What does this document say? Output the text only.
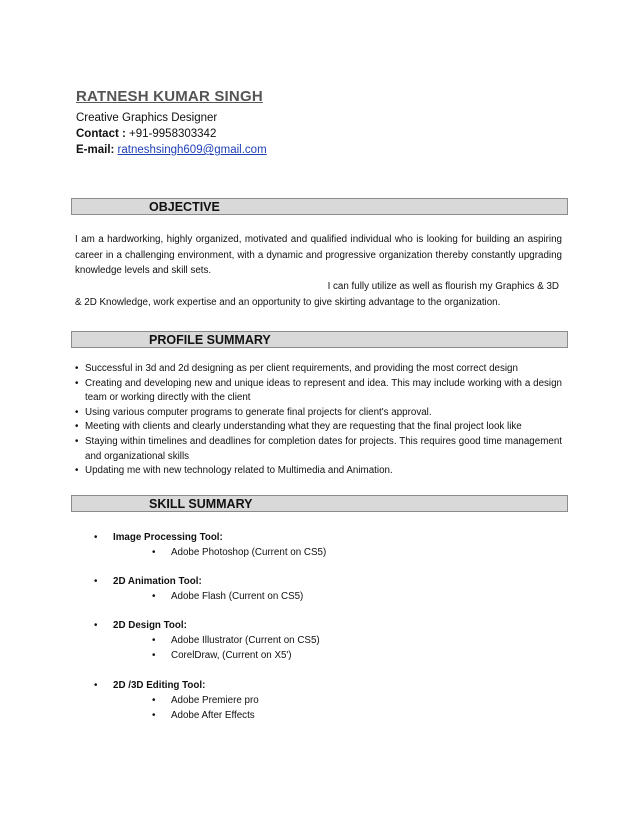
RATNESH KUMAR SINGH
Creative Graphics Designer
Contact : +91-9958303342
E-mail: ratneshsingh609@gmail.com
OBJECTIVE
I am a hardworking, highly organized, motivated and qualified individual who is looking for building an aspiring career in a challenging environment, with a dynamic and progressive organization thereby constantly upgrading knowledge levels and skill sets.
I can fully utilize as well as flourish my Graphics & 3D
& 2D Knowledge, work expertise and an opportunity to give skirting advantage to the organization.
PROFILE SUMMARY
• Successful in 3d and 2d designing as per client requirements, and providing the most correct design
• Creating and developing new and unique ideas to represent and idea. This may include working with a design team or working directly with the client
• Using various computer programs to generate final projects for client's approval.
• Meeting with clients and clearly understanding what they are requesting that the final project look like
• Staying within timelines and deadlines for completion dates for projects. This requires good time management and organizational skills
• Updating me with new technology related to Multimedia and Animation.
SKILL SUMMARY
• Image Processing Tool:
• Adobe Photoshop (Current on CS5)
• 2D Animation Tool:
• Adobe Flash (Current on CS5)
• 2D Design Tool:
• Adobe Illustrator (Current on CS5)
• CorelDraw, (Current on X5')
• 2D /3D Editing Tool:
• Adobe Premiere pro
• Adobe After Effects
